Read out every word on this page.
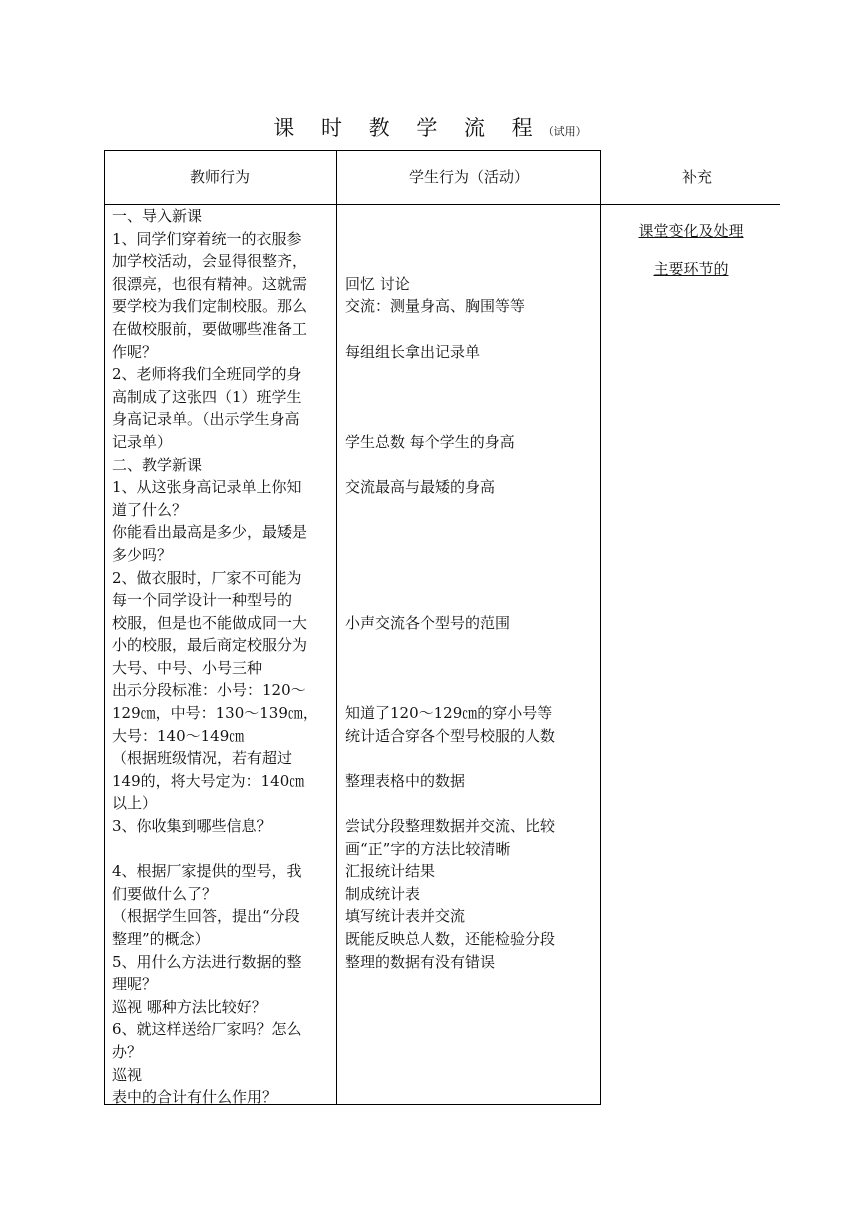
课 时 教 学 流 程（试用）
教师行为	学生行为（活动）	补充

一、导入新课

1、同学们穿着统一的衣服参

加学校活动，会显得很整齐，

很漂亮，也很有精神。这就需

要学校为我们定制校服。那么

在做校服前，要做哪些准备工

作呢？

2、老师将我们全班同学的身

高制成了这张四（1）班学生

身高记录单。（出示学生身高

记录单）

二、教学新课

1、从这张身高记录单上你知

道了什么？

你能看出最高是多少，最矮是

多少吗？

2、做衣服时，厂家不可能为

每一个同学设计一种型号的

校服，但是也不能做成同一大

小的校服，最后商定校服分为

大号、中号、小号三种

出示分段标准：小号：120～

129㎝，中号：130～139㎝，

大号：140～149㎝

（根据班级情况，若有超过

149的，将大号定为：140㎝

以上）

3、你收集到哪些信息？

4、根据厂家提供的型号，我

们要做什么了？

（根据学生回答，提出“分段

整理”的概念）

5、用什么方法进行数据的整

理呢？

巡视 哪种方法比较好？

6、就这样送给厂家吗？怎么

办？

巡视

表中的合计有什么作用？

回忆 讨论

交流：测量身高、胸围等等

每组组长拿出记录单

学生总数 每个学生的身高

交流最高与最矮的身高

小声交流各个型号的范围

知道了120～129㎝的穿小号等

统计适合穿各个型号校服的人数

整理表格中的数据

尝试分段整理数据并交流、比较

画“正”字的方法比较清晰

汇报统计结果

制成统计表

填写统计表并交流

既能反映总人数，还能检验分段

整理的数据有没有错误

课堂变化及处理

主要环节的
